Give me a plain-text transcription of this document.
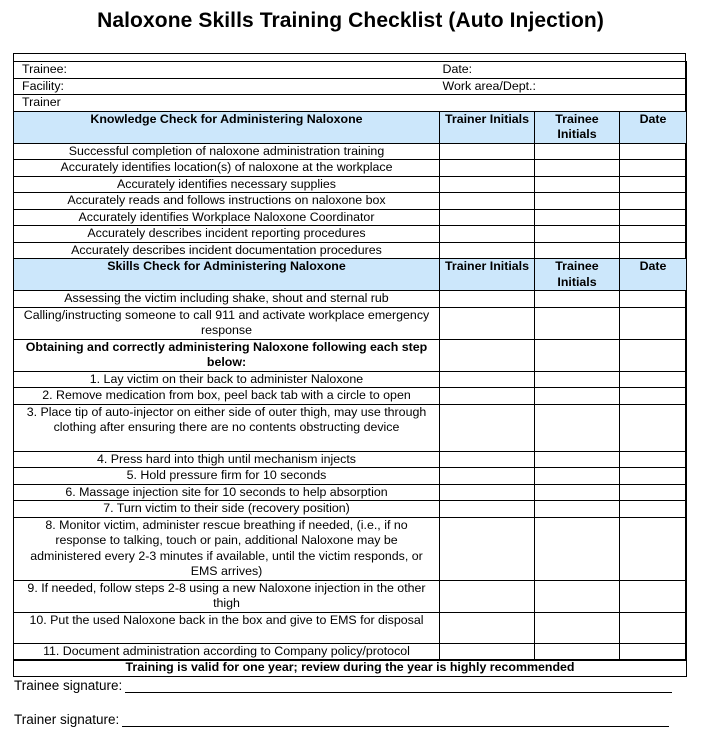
Naloxone Skills Training Checklist (Auto Injection)
Trainee:	Date:		
Facility:	Work area/Dept.:		
Trainer			
Knowledge Check for Administering Naloxone	Trainer Initials	Trainee Initials	Date
Successful completion of naloxone administration training			
Accurately identifies location(s) of naloxone at the workplace			
Accurately identifies necessary supplies			
Accurately reads and follows instructions on naloxone box			
Accurately identifies Workplace Naloxone Coordinator			
Accurately describes incident reporting procedures			
Accurately describes incident documentation procedures			
Skills Check for Administering Naloxone	Trainer Initials	Trainee Initials	Date
Assessing the victim including shake, shout and sternal rub			
Calling/instructing someone to call 911 and activate workplace emergency response			
Obtaining and correctly administering Naloxone following each step below:			
1. Lay victim on their back to administer Naloxone			
2. Remove medication from box, peel back tab with a circle to open			
3. Place tip of auto-injector on either side of outer thigh, may use through clothing after ensuring there are no contents obstructing device			
4. Press hard into thigh until mechanism injects			
5. Hold pressure firm for 10 seconds			
6. Massage injection site for 10 seconds to help absorption			
7. Turn victim to their side (recovery position)			
8. Monitor victim, administer rescue breathing if needed, (i.e., if no response to talking, touch or pain, additional Naloxone may be administered every 2-3 minutes if available, until the victim responds, or EMS arrives)			
9. If needed, follow steps 2-8 using a new Naloxone injection in the other thigh			
10. Put the used Naloxone back in the box and give to EMS for disposal			
11. Document administration according to Company policy/protocol			
Training is valid for one year; review during the year is highly recommended			
Trainee signature:
Trainer signature:
